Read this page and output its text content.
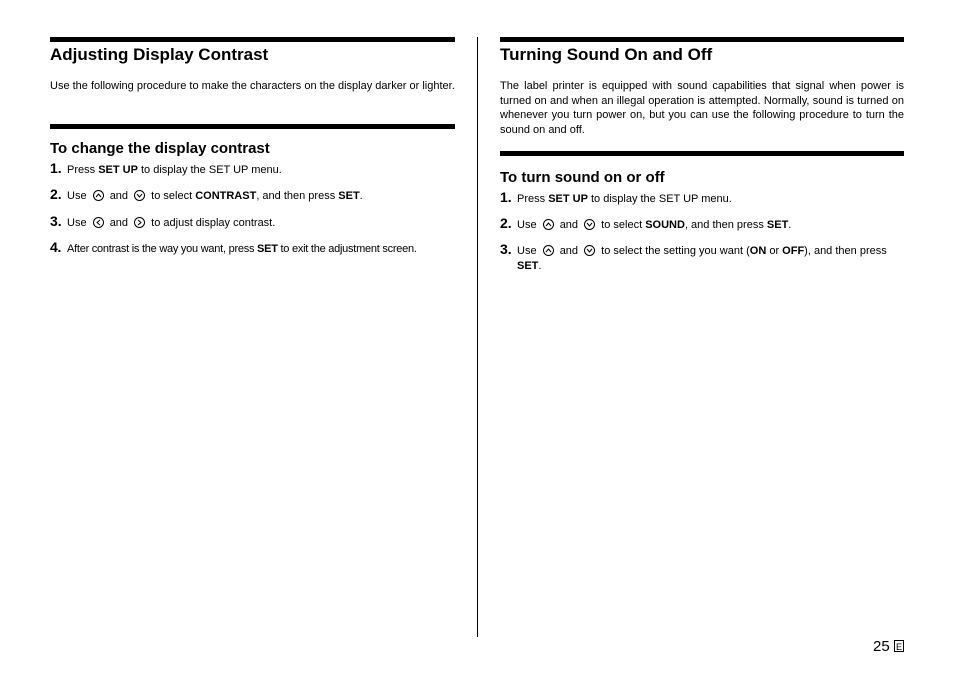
Adjusting Display Contrast

Use the following procedure to make the characters on the display darker or lighter.

To change the display contrast
1. Press SET UP to display the SET UP menu.
2. Use and to select CONTRAST, and then press SET.
3. Use and to adjust display contrast.
4. After contrast is the way you want, press SET to exit the adjustment screen.
Turning Sound On and Off

The label printer is equipped with sound capabilities that signal when power is turned on and when an illegal operation is attempted. Normally, sound is turned on whenever you turn power on, but you can use the following procedure to turn the sound on and off.

To turn sound on or off
1. Press SET UP to display the SET UP menu.
2. Use and to select SOUND, and then press SET.
3. Use and to select the setting you want (ON or OFF), and then press
SET.
25 E
